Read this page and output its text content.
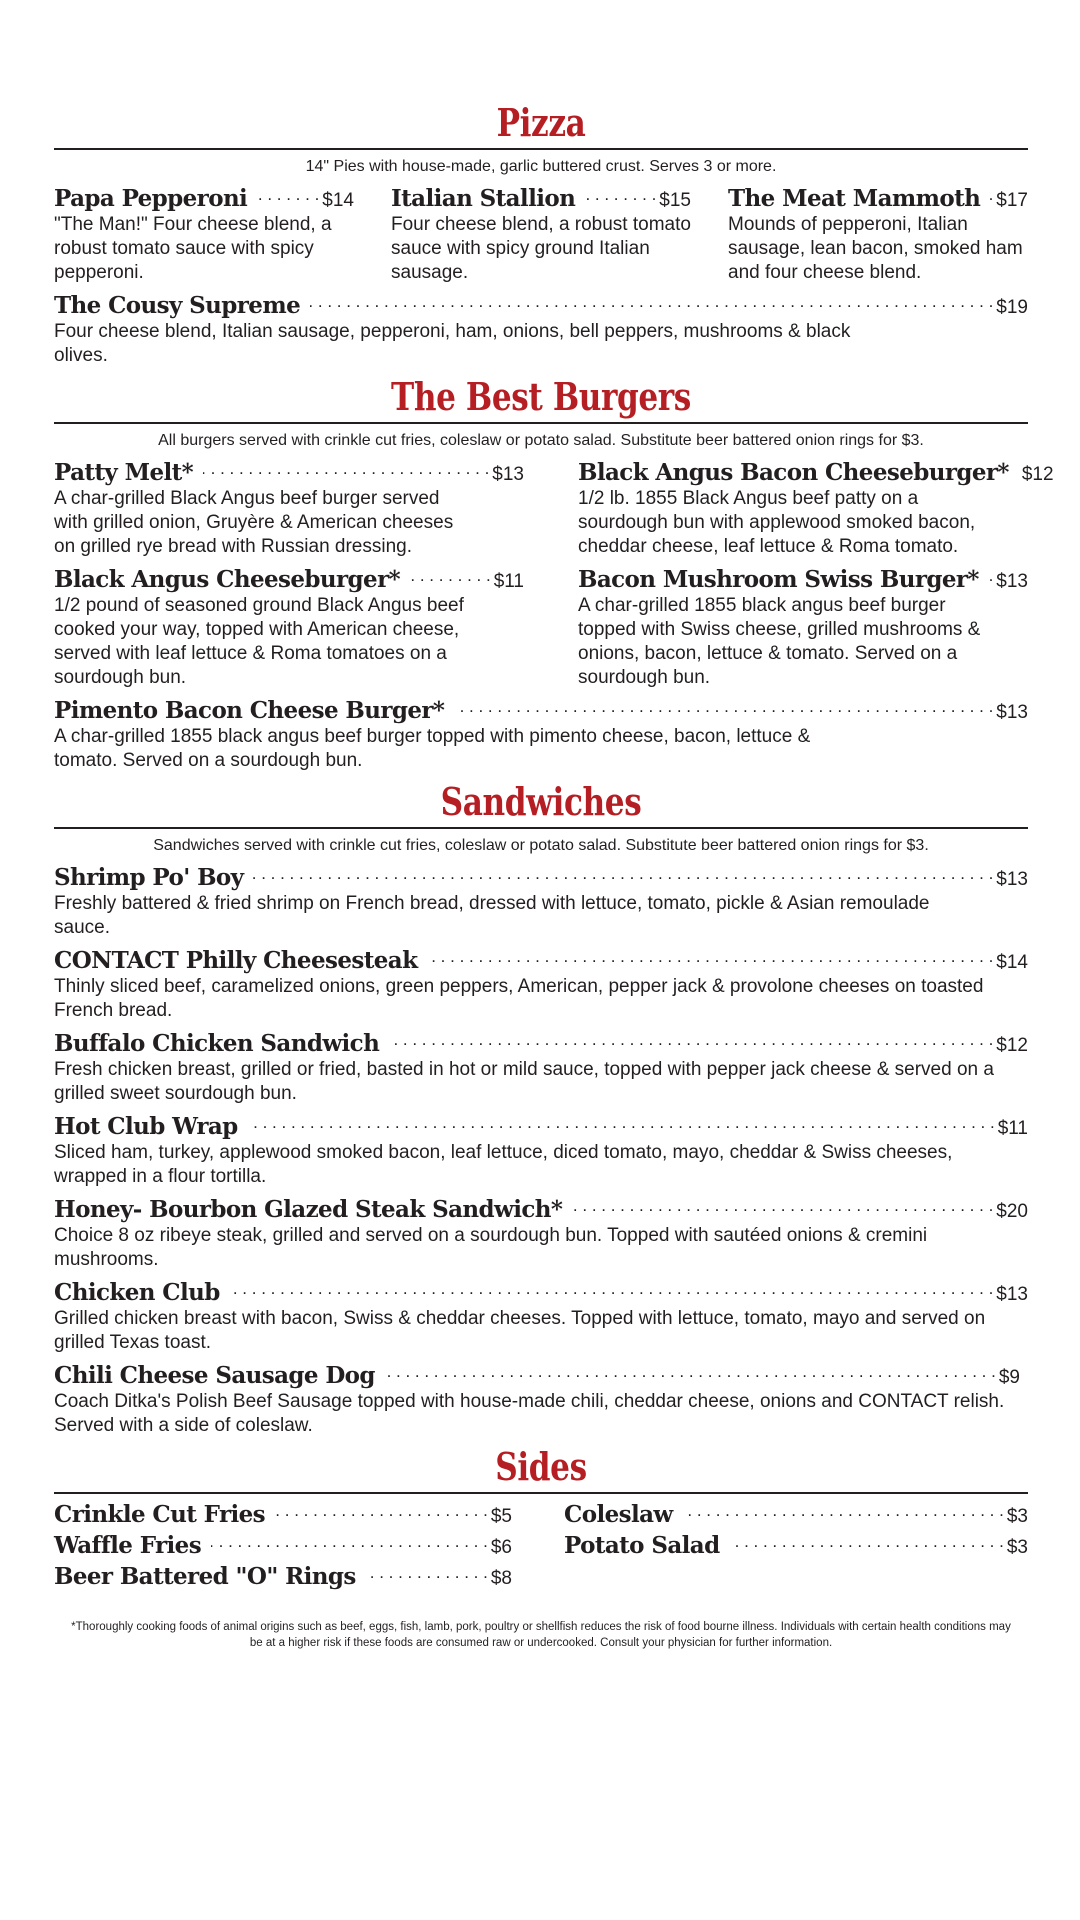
Pizza
14" Pies with house-made, garlic buttered crust. Serves 3 or more.
Papa Pepperoni . . .	$14
"The Man!" Four cheese blend, a robust tomato sauce with spicy pepperoni.
Italian Stallion . . .	$15
Four cheese blend, a robust tomato sauce with spicy ground Italian sausage.
The Meat Mammoth . . . $17
Mounds of pepperoni, Italian sausage, lean bacon, smoked ham and four cheese blend.
The Cousy Supreme . . .	$19
Four cheese blend, Italian sausage, pepperoni, ham, onions, bell peppers, mushrooms & black olives.
The Best Burgers
All burgers served with crinkle cut fries, coleslaw or potato salad. Substitute beer battered onion rings for $3.
Patty Melt* . . .	$13
A char-grilled Black Angus beef burger served with grilled onion, Gruyère & American cheeses on grilled rye bread with Russian dressing.
Black Angus Cheeseburger* . . .	$11
1/2 pound of seasoned ground Black Angus beef cooked your way, topped with American cheese, served with leaf lettuce & Roma tomatoes on a sourdough bun.
Black Angus Bacon Cheeseburger* $12
1/2 lb. 1855 Black Angus beef patty on a sourdough bun with applewood smoked bacon, cheddar cheese, leaf lettuce & Roma tomato.
Bacon Mushroom Swiss Burger* . . . $13
A char-grilled 1855 black angus beef burger topped with Swiss cheese, grilled mushrooms & onions, bacon, lettuce & tomato. Served on a sourdough bun.
Pimento Bacon Cheese Burger* . . .	$13
A char-grilled 1855 black angus beef burger topped with pimento cheese, bacon, lettuce & tomato. Served on a sourdough bun.
Sandwiches
Sandwiches served with crinkle cut fries, coleslaw or potato salad. Substitute beer battered onion rings for $3.
Shrimp Po' Boy . . .	$13
Freshly battered & fried shrimp on French bread, dressed with lettuce, tomato, pickle & Asian remoulade sauce.
CONTACT Philly Cheesesteak . . .	$14
Thinly sliced beef, caramelized onions, green peppers, American, pepper jack & provolone cheeses on toasted French bread.
Buffalo Chicken Sandwich . . .	$12
Fresh chicken breast, grilled or fried, basted in hot or mild sauce, topped with pepper jack cheese & served on a grilled sweet sourdough bun.
Hot Club Wrap . . .	$11
Sliced ham, turkey, applewood smoked bacon, leaf lettuce, diced tomato, mayo, cheddar & Swiss cheeses, wrapped in a flour tortilla.
Honey- Bourbon Glazed Steak Sandwich* . . .	$20
Choice 8 oz ribeye steak, grilled and served on a sourdough bun. Topped with sautéed onions & cremini mushrooms.
Chicken Club . . .	$13
Grilled chicken breast with bacon, Swiss & cheddar cheeses. Topped with lettuce, tomato, mayo and served on grilled Texas toast.
Chili Cheese Sausage Dog . . .	$9
Coach Ditka's Polish Beef Sausage topped with house-made chili, cheddar cheese, onions and CONTACT relish. Served with a side of coleslaw.
Sides
Crinkle Cut Fries . . .	$5
Waffle Fries . . .	$6
Beer Battered "O" Rings . . .	$8
Coleslaw . . .	$3
Potato Salad . . .	$3
*Thoroughly cooking foods of animal origins such as beef, eggs, fish, lamb, pork, poultry or shellfish reduces the risk of food bourne illness. Individuals with certain health conditions may be at a higher risk if these foods are consumed raw or undercooked. Consult your physician for further information.
